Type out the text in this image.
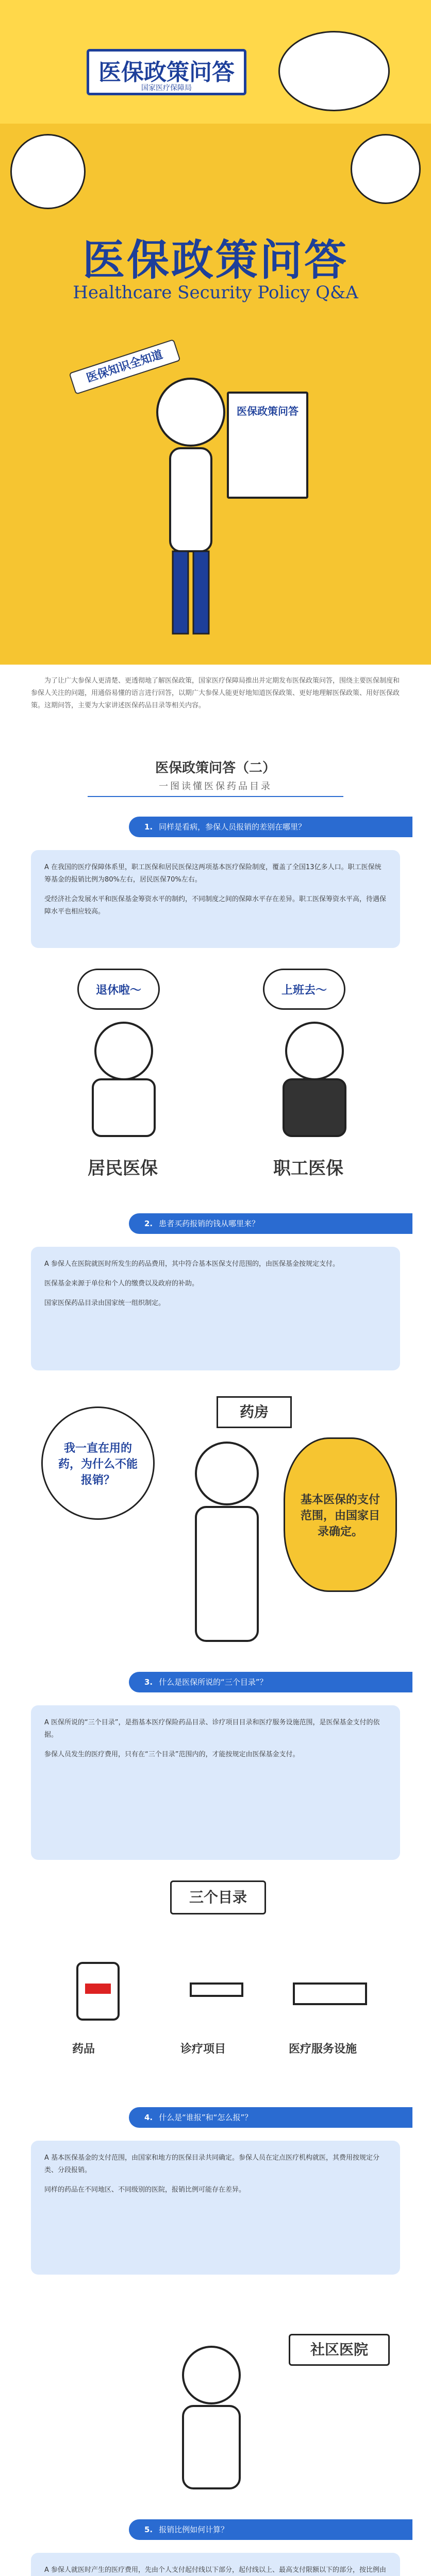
医保政策问答
国家医疗保障局
医保政策问答
Healthcare Security Policy Q&A
医保知识全知道
医保政策问答
为了让广大参保人更清楚、更透彻地了解医保政策，国家医疗保障局推出并定期发布医保政策问答，围绕主要医保制度和参保人关注的问题，用通俗易懂的语言进行回答，以期广大参保人能更好地知道医保政策、更好地理解医保政策、用好医保政策。这期问答，主要为大家讲述医保药品目录等相关内容。
医保政策问答（二）
一图读懂医保药品目录
1. 同样是看病，参保人员报销的差别在哪里？

A 在我国的医疗保障体系里，职工医保和居民医保这两项基本医疗保险制度，覆盖了全国13亿多人口。职工医保统筹基金的报销比例为80%左右，居民医保70%左右。

受经济社会发展水平和医保基金筹资水平的制约，不同制度之间的保障水平存在差异。职工医保筹资水平高，待遇保障水平也相应较高。

退休啦～	上班去～
居民医保	职工医保
2. 患者买药报销的钱从哪里来？

A 参保人在医院就医时所发生的药品费用，其中符合基本医保支付范围的，由医保基金按规定支付。

医保基金来源于单位和个人的缴费以及政府的补助。

国家医保药品目录由国家统一组织制定。

我一直在用的药，为什么不能报销？
药房
基本医保的支付范围，由国家目录确定。
3. 什么是医保所说的“三个目录”？

A 医保所说的“三个目录”，是指基本医疗保险药品目录、诊疗项目目录和医疗服务设施范围，是医保基金支付的依据。

参保人员发生的医疗费用，只有在“三个目录”范围内的，才能按规定由医保基金支付。

三个目录
药品	诊疗项目	医疗服务设施
4. 什么是“谁报”和“怎么报”？

A 基本医保基金的支付范围，由国家和地方的医保目录共同确定。参保人员在定点医疗机构就医，其费用按规定分类、分段报销。

同样的药品在不同地区、不同级别的医院，报销比例可能存在差异。

社区医院
5. 报销比例如何计算？

A 参保人就医时产生的医疗费用，先由个人支付起付线以下部分，起付线以上、最高支付限额以下的部分，按比例由
